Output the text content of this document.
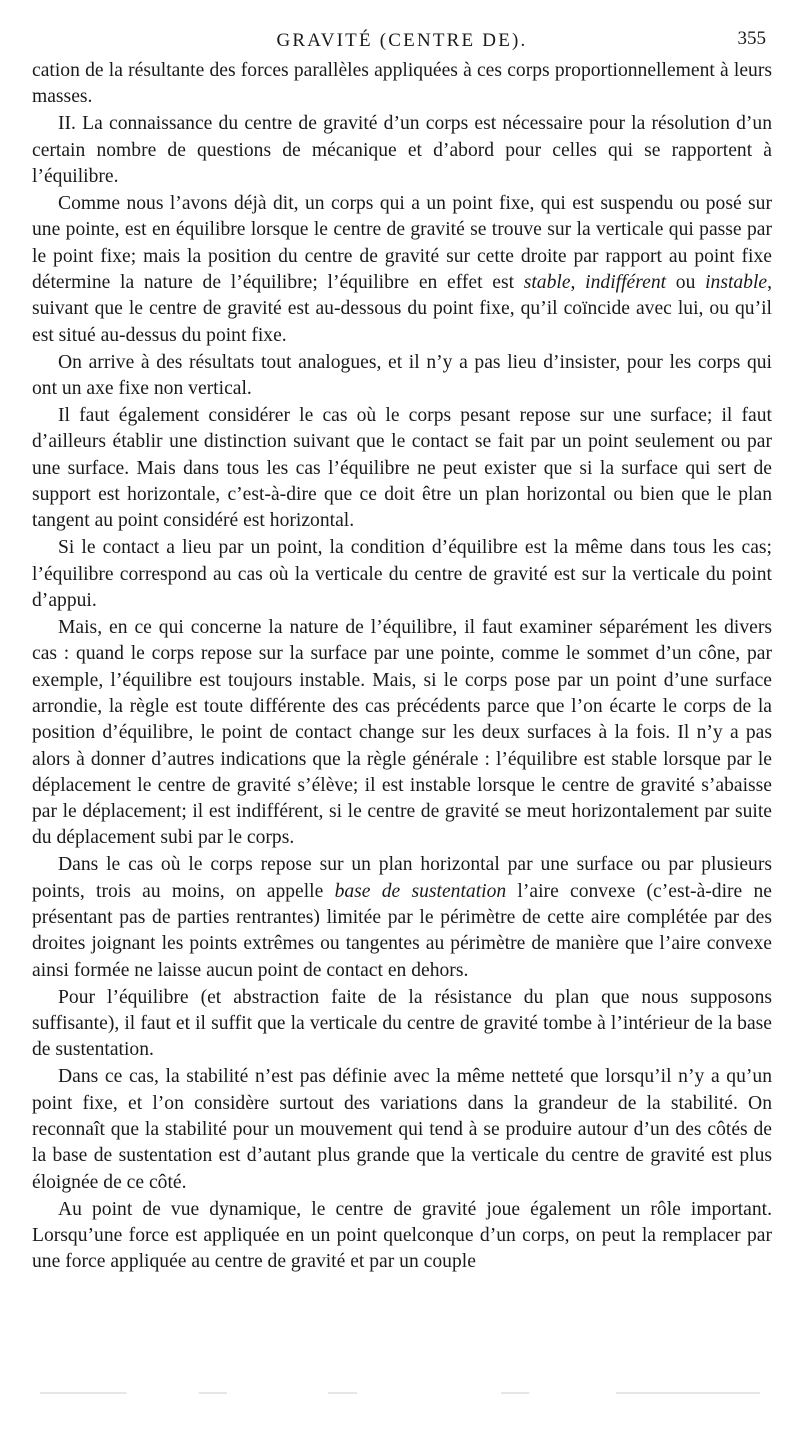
GRAVITÉ (CENTRE DE).	355

cation de la résultante des forces parallèles appliquées à ces corps proportionnellement à leurs masses.

II. La connaissance du centre de gravité d’un corps est nécessaire pour la résolution d’un certain nombre de questions de mécanique et d’abord pour celles qui se rapportent à l’équilibre.

Comme nous l’avons déjà dit, un corps qui a un point fixe, qui est suspendu ou posé sur une pointe, est en équilibre lorsque le centre de gravité se trouve sur la verticale qui passe par le point fixe; mais la position du centre de gravité sur cette droite par rapport au point fixe détermine la nature de l’équilibre; l’équilibre en effet est stable, indifférent ou instable, suivant que le centre de gravité est au-dessous du point fixe, qu’il coïncide avec lui, ou qu’il est situé au-dessus du point fixe.

On arrive à des résultats tout analogues, et il n’y a pas lieu d’insister, pour les corps qui ont un axe fixe non vertical.

Il faut également considérer le cas où le corps pesant repose sur une surface; il faut d’ailleurs établir une distinction suivant que le contact se fait par un point seulement ou par une surface. Mais dans tous les cas l’équilibre ne peut exister que si la surface qui sert de support est horizontale, c’est-à-dire que ce doit être un plan horizontal ou bien que le plan tangent au point considéré est horizontal.

Si le contact a lieu par un point, la condition d’équilibre est la même dans tous les cas; l’équilibre correspond au cas où la verticale du centre de gravité est sur la verticale du point d’appui.

Mais, en ce qui concerne la nature de l’équilibre, il faut examiner séparément les divers cas : quand le corps repose sur la surface par une pointe, comme le sommet d’un cône, par exemple, l’équilibre est toujours instable. Mais, si le corps pose par un point d’une surface arrondie, la règle est toute différente des cas précédents parce que l’on écarte le corps de la position d’équilibre, le point de contact change sur les deux surfaces à la fois. Il n’y a pas alors à donner d’autres indications que la règle générale : l’équilibre est stable lorsque par le déplacement le centre de gravité s’élève; il est instable lorsque le centre de gravité s’abaisse par le déplacement; il est indifférent, si le centre de gravité se meut horizontalement par suite du déplacement subi par le corps.

Dans le cas où le corps repose sur un plan horizontal par une surface ou par plusieurs points, trois au moins, on appelle base de sustentation l’aire convexe (c’est-à-dire ne présentant pas de parties rentrantes) limitée par le périmètre de cette aire complétée par des droites joignant les points extrêmes ou tangentes au périmètre de manière que l’aire convexe ainsi formée ne laisse aucun point de contact en dehors.

Pour l’équilibre (et abstraction faite de la résistance du plan que nous supposons suffisante), il faut et il suffit que la verticale du centre de gravité tombe à l’intérieur de la base de sustentation.

Dans ce cas, la stabilité n’est pas définie avec la même netteté que lorsqu’il n’y a qu’un point fixe, et l’on considère surtout des variations dans la grandeur de la stabilité. On reconnaît que la stabilité pour un mouvement qui tend à se produire autour d’un des côtés de la base de sustentation est d’autant plus grande que la verticale du centre de gravité est plus éloignée de ce côté.

Au point de vue dynamique, le centre de gravité joue également un rôle important. Lorsqu’une force est appliquée en un point quelconque d’un corps, on peut la remplacer par une force appliquée au centre de gravité et par un couple
